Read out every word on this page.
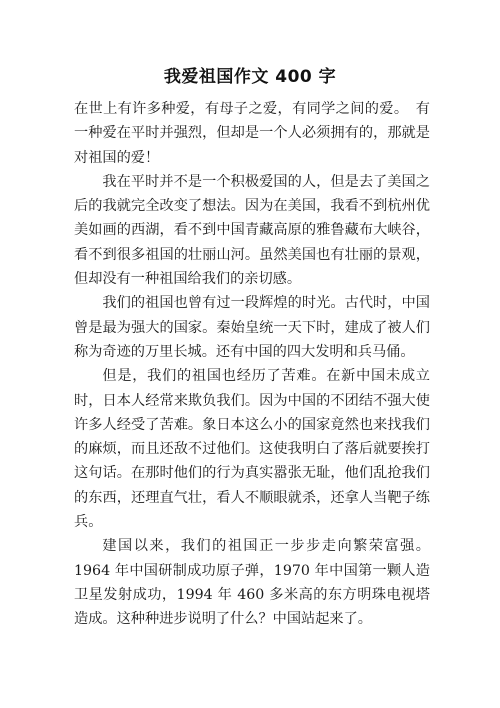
我爱祖国作文 400 字

在世上有许多种爱，有母子之爱，有同学之间的爱。　有一种爱在平时并强烈，但却是一个人必须拥有的，那就是对祖国的爱！

我在平时并不是一个积极爱国的人，但是去了美国之后的我就完全改变了想法。因为在美国，我看不到杭州优美如画的西湖，看不到中国青藏高原的雅鲁藏布大峡谷，看不到很多祖国的壮丽山河。虽然美国也有壮丽的景观，但却没有一种祖国给我们的亲切感。

我们的祖国也曾有过一段辉煌的时光。古代时，中国曾是最为强大的国家。秦始皇统一天下时，建成了被人们称为奇迹的万里长城。还有中国的四大发明和兵马俑。

但是，我们的祖国也经历了苦难。在新中国未成立时，日本人经常来欺负我们。因为中国的不团结不强大使许多人经受了苦难。象日本这么小的国家竟然也来找我们的麻烦，而且还敌不过他们。这使我明白了落后就要挨打这句话。在那时他们的行为真实嚣张无耻，他们乱抢我们的东西，还理直气壮，看人不顺眼就杀，还拿人当靶子练兵。

建国以来，我们的祖国正一步步走向繁荣富强。1964 年中国研制成功原子弹，1970 年中国第一颗人造卫星发射成功，1994 年 460 多米高的东方明珠电视塔造成。这种种进步说明了什么？中国站起来了。
